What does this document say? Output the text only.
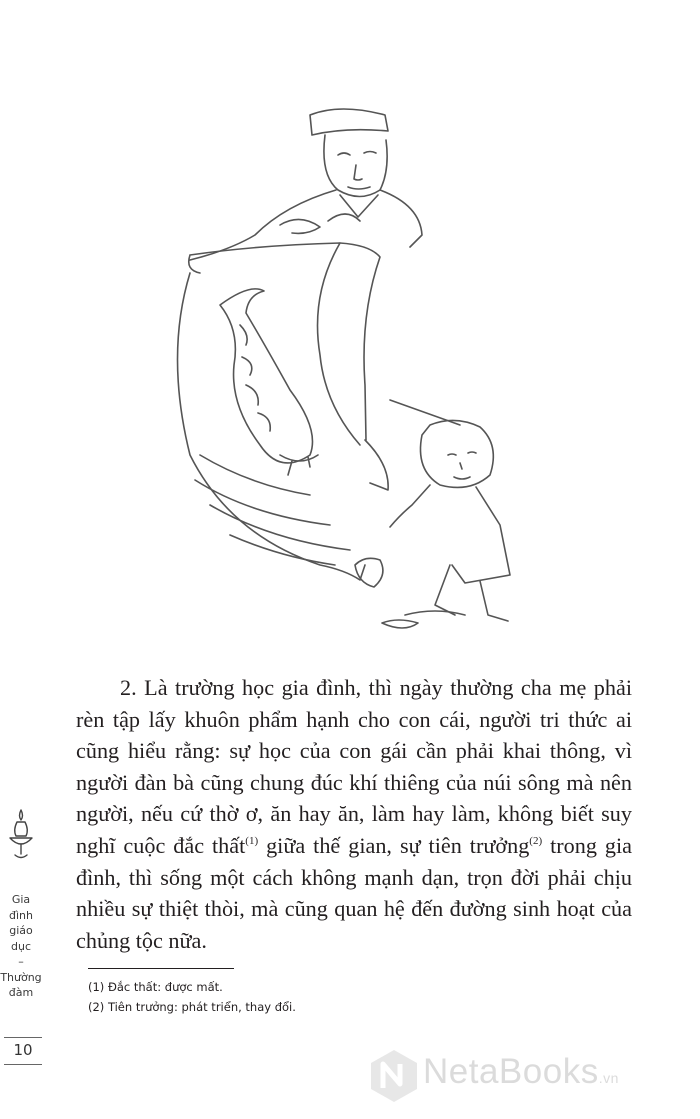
2. Là trường học gia đình, thì ngày thường cha mẹ phải rèn tập lấy khuôn phẩm hạnh cho con cái, người tri thức ai cũng hiểu rằng: sự học của con gái cần phải khai thông, vì người đàn bà cũng chung đúc khí thiêng của núi sông mà nên người, nếu cứ thờ ơ, ăn hay ăn, làm hay làm, không biết suy nghĩ cuộc đắc thất$^{(1)}$ giữa thế gian, sự tiên trưởng$^{(2)}$ trong gia đình, thì sống một cách không mạnh dạn, trọn đời phải chịu nhiều sự thiệt thòi, mà cũng quan hệ đến đường sinh hoạt của chủng tộc nữa.

(1) Đắc thất: được mất.
(2) Tiên trưởng: phát triển, thay đổi.
Gia
đình
giáo
dục
–
Thường
đàm
10
NetaBooks.vn
